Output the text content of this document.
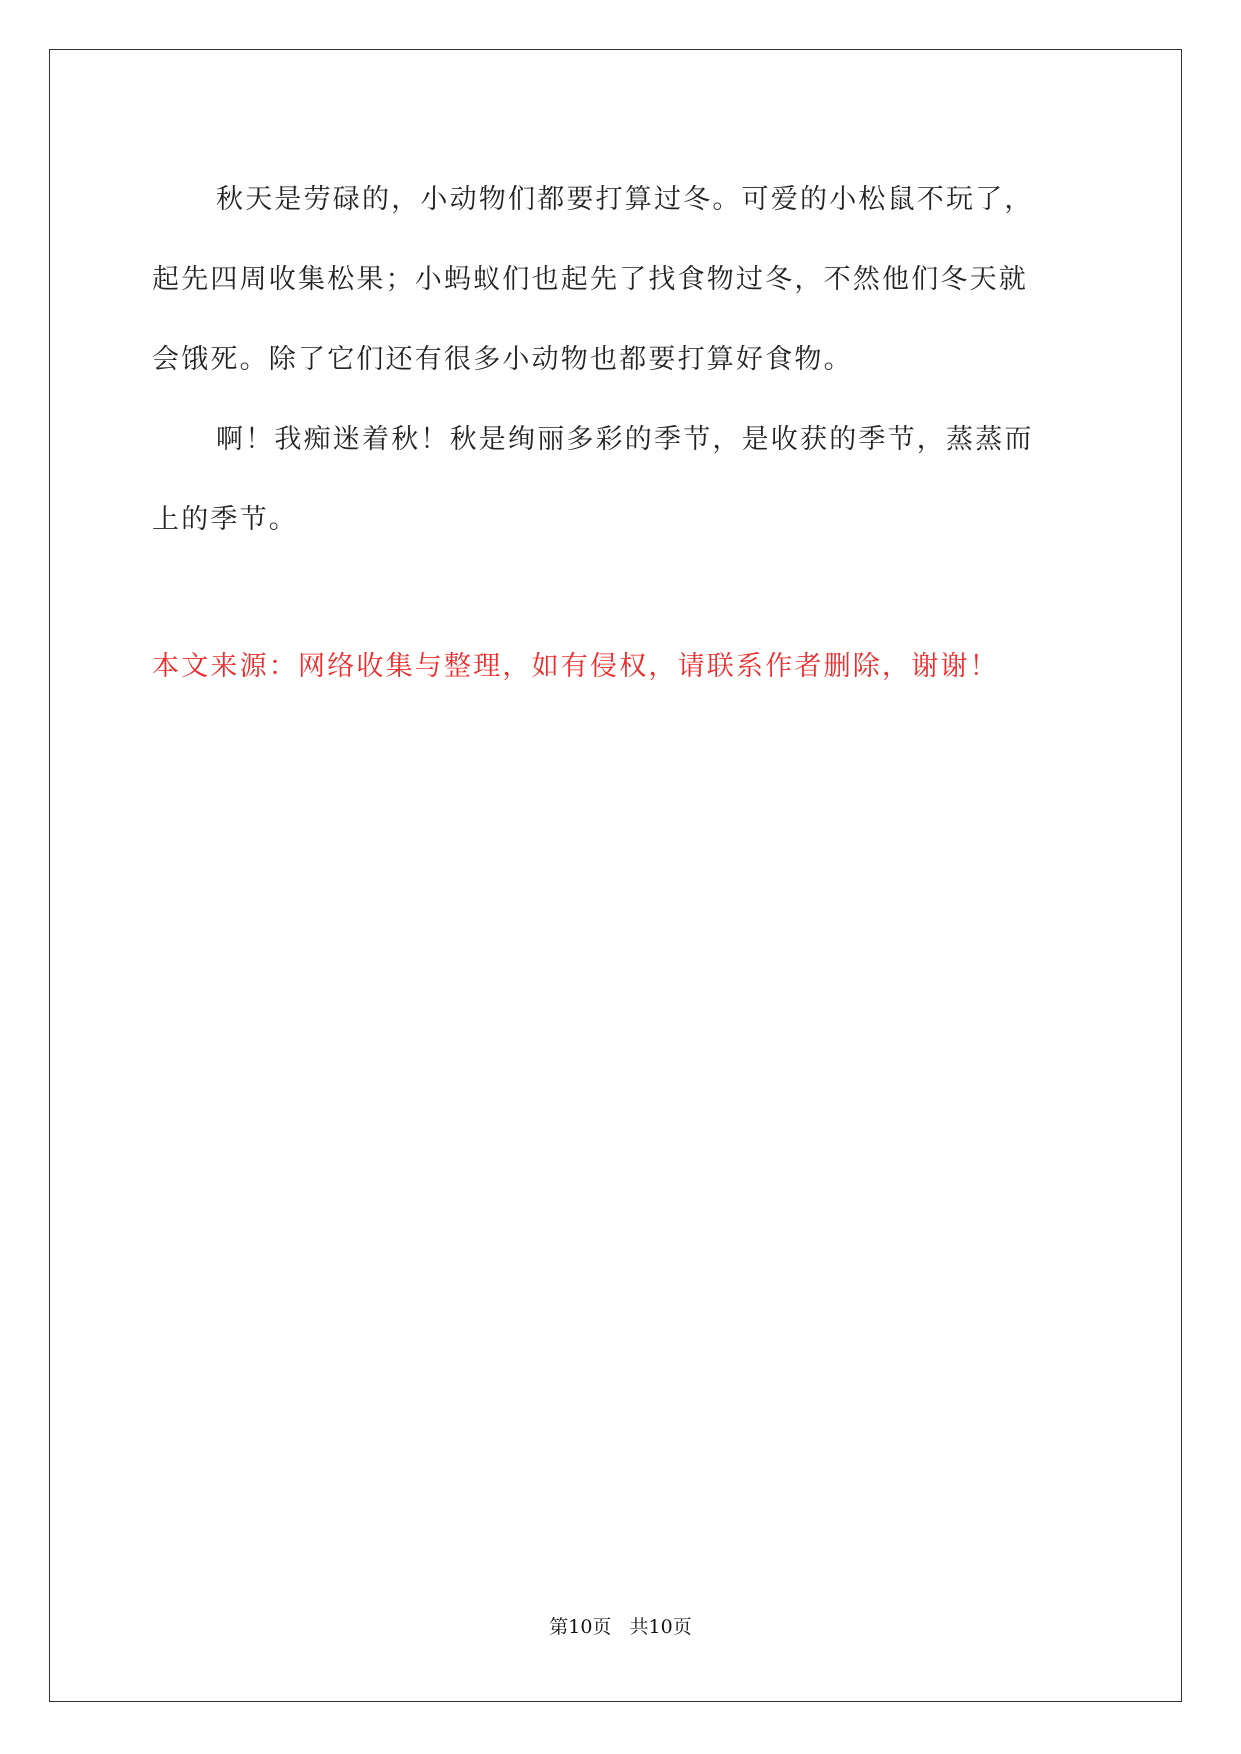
秋天是劳碌的，小动物们都要打算过冬。可爱的小松鼠不玩了，
起先四周收集松果；小蚂蚁们也起先了找食物过冬，不然他们冬天就
会饿死。除了它们还有很多小动物也都要打算好食物。

啊！我痴迷着秋！秋是绚丽多彩的季节，是收获的季节，蒸蒸而
上的季节。

本文来源：网络收集与整理，如有侵权，请联系作者删除，谢谢！

第10页   共10页
